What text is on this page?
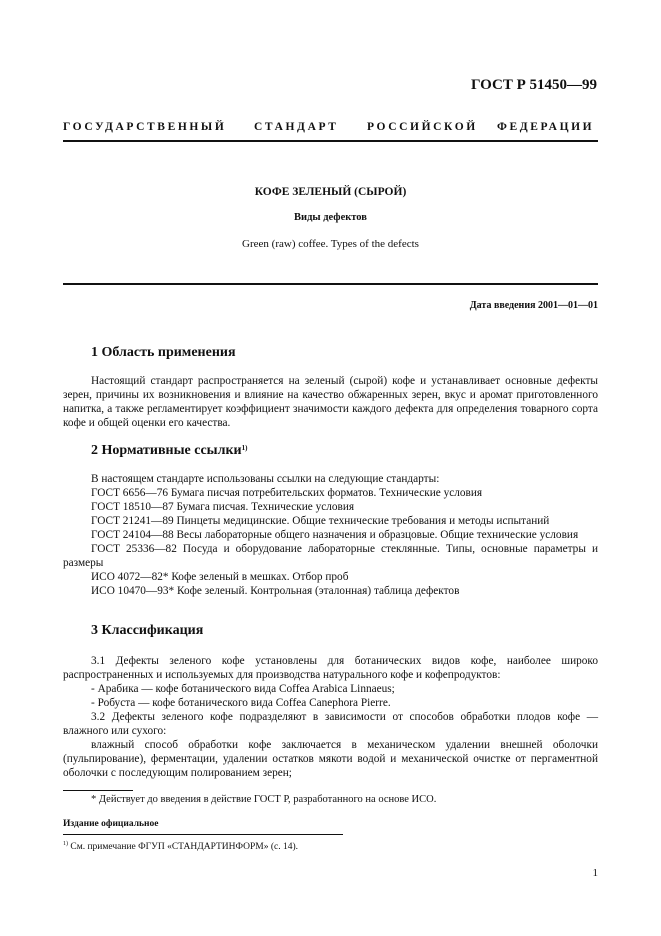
ГОСТ Р 51450—99
ГОСУДАРСТВЕННЫЙ СТАНДАРТ РОССИЙСКОЙ ФЕДЕРАЦИИ
КОФЕ ЗЕЛЕНЫЙ (СЫРОЙ)
Виды дефектов
Green (raw) coffee. Types of the defects
Дата введения 2001—01—01
1 Область применения

Настоящий стандарт распространяется на зеленый (сырой) кофе и устанавливает основные дефекты зерен, причины их возникновения и влияние на качество обжаренных зерен, вкус и аромат приготовленного напитка, а также регламентирует коэффициент значимости каждого дефекта для определения товарного сорта кофе и общей оценки его качества.

2 Нормативные ссылки$^{1)}$

В настоящем стандарте использованы ссылки на следующие стандарты:

ГОСТ 6656—76 Бумага писчая потребительских форматов. Технические условия

ГОСТ 18510—87 Бумага писчая. Технические условия

ГОСТ 21241—89 Пинцеты медицинские. Общие технические требования и методы испытаний

ГОСТ 24104—88 Весы лабораторные общего назначения и образцовые. Общие технические условия

ГОСТ 25336—82 Посуда и оборудование лабораторные стеклянные. Типы, основные параметры и размеры

ИСО 4072—82* Кофе зеленый в мешках. Отбор проб

ИСО 10470—93* Кофе зеленый. Контрольная (эталонная) таблица дефектов

3 Классификация

3.1 Дефекты зеленого кофе установлены для ботанических видов кофе, наиболее широко распространенных и используемых для производства натурального кофе и кофепродуктов:

- Арабика — кофе ботанического вида Coffea Arabica Linnaeus;

- Робуста — кофе ботанического вида Coffea Canephora Pierre.

3.2 Дефекты зеленого кофе подразделяют в зависимости от способов обработки плодов кофе — влажного или сухого:

влажный способ обработки кофе заключается в механическом удалении внешней оболочки (пульпирование), ферментации, удалении остатков мякоти водой и механической очистке от пергаментной оболочки с последующим полированием зерен;

* Действует до введения в действие ГОСТ Р, разработанного на основе ИСО.
Издание официальное
$^{1)}$ См. примечание ФГУП «СТАНДАРТИНФОРМ» (с. 14).
1
